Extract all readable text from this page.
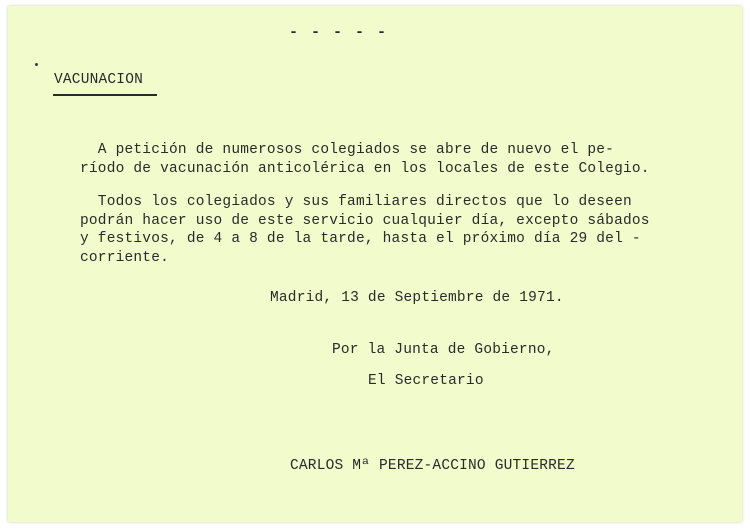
- - - - -
VACUNACION

A petición de numerosos colegiados se abre de nuevo el pe-
ríodo de vacunación anticolérica en los locales de este Colegio.

Todos los colegiados y sus familiares directos que lo deseen
podrán hacer uso de este servicio cualquier día, excepto sábados
y festivos, de 4 a 8 de la tarde, hasta el próximo día 29 del -
corriente.

Madrid, 13 de Septiembre de 1971.
Por la Junta de Gobierno,
El Secretario
CARLOS Mª PEREZ-ACCINO GUTIERREZ
